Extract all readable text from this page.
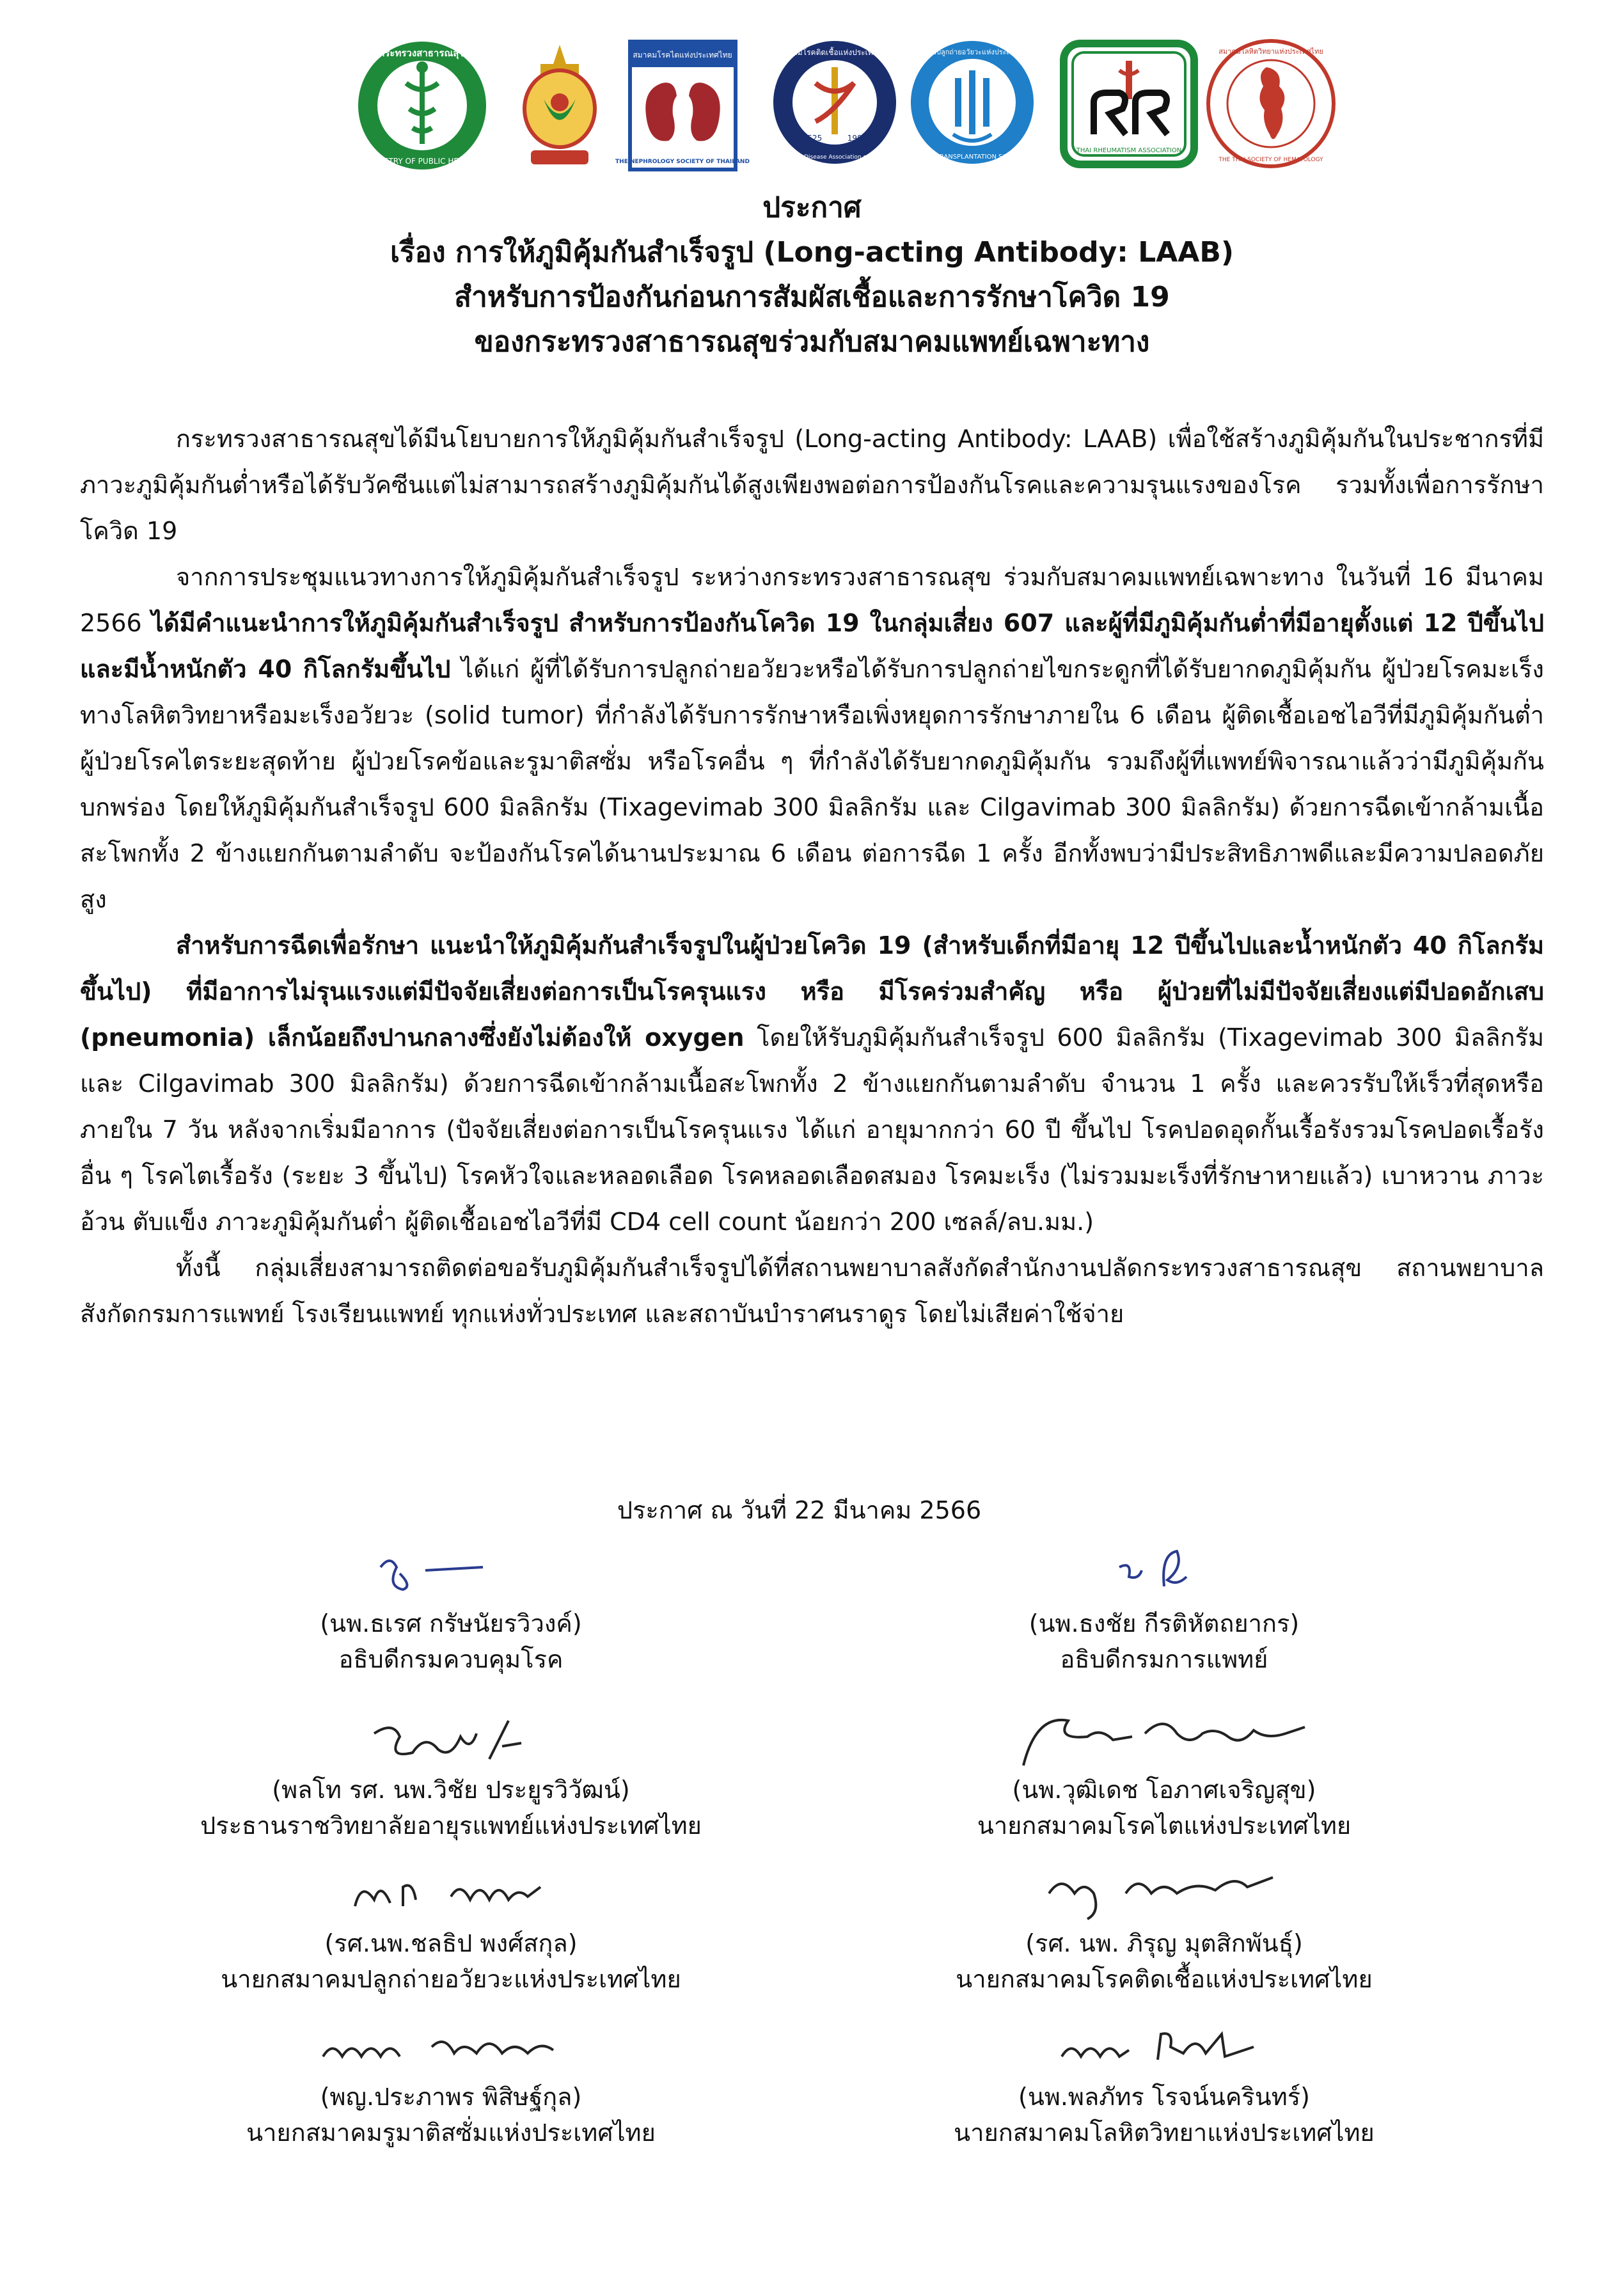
กระทรวงสาธารณสุข
MINISTRY OF PUBLIC HEALTH
สมาคมโรคไตแห่งประเทศไทย
THE NEPHROLOGY SOCIETY OF THAILAND
สมาคมโรคติดเชื้อแห่งประเทศไทย
Infectious Disease Association of Thailand
2525	1982
สมาคมปลูกถ่ายอวัยวะแห่งประเทศไทย
THAI TRANSPLANTATION SOCIETY
THAI RHEUMATISM ASSOCIATION
สมาคมโลหิตวิทยาแห่งประเทศไทย
THE THAI SOCIETY OF HEMATOLOGY
ประกาศ
เรื่อง การให้ภูมิคุ้มกันสำเร็จรูป (Long-acting Antibody: LAAB)
สำหรับการป้องกันก่อนการสัมผัสเชื้อและการรักษาโควิด 19
ของกระทรวงสาธารณสุขร่วมกับสมาคมแพทย์เฉพาะทาง

กระทรวงสาธารณสุขได้มีนโยบายการให้ภูมิคุ้มกันสำเร็จรูป (Long-acting Antibody: LAAB) เพื่อใช้สร้างภูมิคุ้มกันในประชากรที่มีภาวะภูมิคุ้มกันต่ำหรือได้รับวัคซีนแต่ไม่สามารถสร้างภูมิคุ้มกันได้สูงเพียงพอต่อการป้องกันโรคและความรุนแรงของโรค รวมทั้งเพื่อการรักษาโควิด 19

จากการประชุมแนวทางการให้ภูมิคุ้มกันสำเร็จรูป ระหว่างกระทรวงสาธารณสุข ร่วมกับสมาคมแพทย์เฉพาะทาง ในวันที่ 16 มีนาคม 2566 ได้มีคำแนะนำการให้ภูมิคุ้มกันสำเร็จรูป สำหรับการป้องกันโควิด 19 ในกลุ่มเสี่ยง 607 และผู้ที่มีภูมิคุ้มกันต่ำที่มีอายุตั้งแต่ 12 ปีขึ้นไปและมีน้ำหนักตัว 40 กิโลกรัมขึ้นไป ได้แก่ ผู้ที่ได้รับการปลูกถ่ายอวัยวะหรือได้รับการปลูกถ่ายไขกระดูกที่ได้รับยากดภูมิคุ้มกัน ผู้ป่วยโรคมะเร็งทางโลหิตวิทยาหรือมะเร็งอวัยวะ (solid tumor) ที่กำลังได้รับการรักษาหรือเพิ่งหยุดการรักษาภายใน 6 เดือน ผู้ติดเชื้อเอชไอวีที่มีภูมิคุ้มกันต่ำ ผู้ป่วยโรคไตระยะสุดท้าย ผู้ป่วยโรคข้อและรูมาติสซั่ม หรือโรคอื่น ๆ ที่กำลังได้รับยากดภูมิคุ้มกัน รวมถึงผู้ที่แพทย์พิจารณาแล้วว่ามีภูมิคุ้มกันบกพร่อง โดยให้ภูมิคุ้มกันสำเร็จรูป 600 มิลลิกรัม (Tixagevimab 300 มิลลิกรัม และ Cilgavimab 300 มิลลิกรัม) ด้วยการฉีดเข้ากล้ามเนื้อสะโพกทั้ง 2 ข้างแยกกันตามลำดับ จะป้องกันโรคได้นานประมาณ 6 เดือน ต่อการฉีด 1 ครั้ง อีกทั้งพบว่ามีประสิทธิภาพดีและมีความปลอดภัยสูง

สำหรับการฉีดเพื่อรักษา แนะนำให้ภูมิคุ้มกันสำเร็จรูปในผู้ป่วยโควิด 19 (สำหรับเด็กที่มีอายุ 12 ปีขึ้นไปและน้ำหนักตัว 40 กิโลกรัมขึ้นไป) ที่มีอาการไม่รุนแรงแต่มีปัจจัยเสี่ยงต่อการเป็นโรครุนแรง หรือ มีโรคร่วมสำคัญ หรือ ผู้ป่วยที่ไม่มีปัจจัยเสี่ยงแต่มีปอดอักเสบ (pneumonia) เล็กน้อยถึงปานกลางซึ่งยังไม่ต้องให้ oxygen โดยให้รับภูมิคุ้มกันสำเร็จรูป 600 มิลลิกรัม (Tixagevimab 300 มิลลิกรัม และ Cilgavimab 300 มิลลิกรัม) ด้วยการฉีดเข้ากล้ามเนื้อสะโพกทั้ง 2 ข้างแยกกันตามลำดับ จำนวน 1 ครั้ง และควรรับให้เร็วที่สุดหรือภายใน 7 วัน หลังจากเริ่มมีอาการ (ปัจจัยเสี่ยงต่อการเป็นโรครุนแรง ได้แก่ อายุมากกว่า 60 ปี ขึ้นไป โรคปอดอุดกั้นเรื้อรังรวมโรคปอดเรื้อรังอื่น ๆ โรคไตเรื้อรัง (ระยะ 3 ขึ้นไป) โรคหัวใจและหลอดเลือด โรคหลอดเลือดสมอง โรคมะเร็ง (ไม่รวมมะเร็งที่รักษาหายแล้ว) เบาหวาน ภาวะอ้วน ตับแข็ง ภาวะภูมิคุ้มกันต่ำ ผู้ติดเชื้อเอชไอวีที่มี CD4 cell count น้อยกว่า 200 เซลล์/ลบ.มม.)

ทั้งนี้ กลุ่มเสี่ยงสามารถติดต่อขอรับภูมิคุ้มกันสำเร็จรูปได้ที่สถานพยาบาลสังกัดสำนักงานปลัดกระทรวงสาธารณสุข สถานพยาบาลสังกัดกรมการแพทย์ โรงเรียนแพทย์ ทุกแห่งทั่วประเทศ และสถาบันบำราศนราดูร โดยไม่เสียค่าใช้จ่าย

ประกาศ ณ วันที่ 22 มีนาคม 2566
(นพ.ธเรศ กรัษนัยรวิวงค์)
อธิบดีกรมควบคุมโรค
(นพ.ธงชัย กีรติหัตถยากร)
อธิบดีกรมการแพทย์
(พลโท รศ. นพ.วิชัย ประยูรวิวัฒน์)
ประธานราชวิทยาลัยอายุรแพทย์แห่งประเทศไทย
(นพ.วุฒิเดช โอภาศเจริญสุข)
นายกสมาคมโรคไตแห่งประเทศไทย
(รศ.นพ.ชลธิป พงศ์สกุล)
นายกสมาคมปลูกถ่ายอวัยวะแห่งประเทศไทย
(รศ. นพ. ภิรุญ มุตสิกพันธุ์)
นายกสมาคมโรคติดเชื้อแห่งประเทศไทย
(พญ.ประภาพร พิสิษฐ์กุล)
นายกสมาคมรูมาติสซั่มแห่งประเทศไทย
(นพ.พลภัทร โรจน์นครินทร์)
นายกสมาคมโลหิตวิทยาแห่งประเทศไทย
